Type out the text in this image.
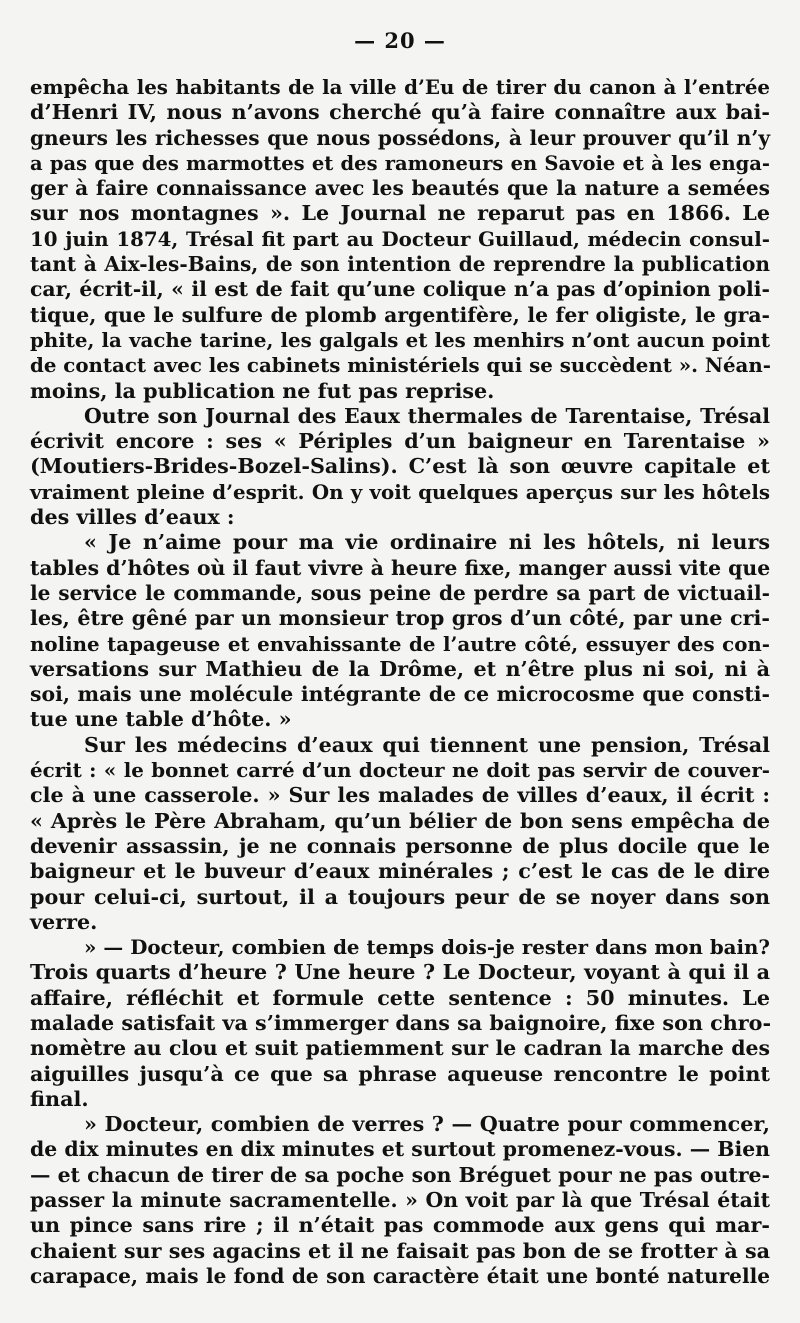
— 20 —
empêcha les habitants de la ville d’Eu de tirer du canon à l’entrée
d’Henri IV, nous n’avons cherché qu’à faire connaître aux bai-
gneurs les richesses que nous possédons, à leur prouver qu’il n’y
a pas que des marmottes et des ramoneurs en Savoie et à les enga-
ger à faire connaissance avec les beautés que la nature a semées
sur nos montagnes ». Le Journal ne reparut pas en 1866. Le
10 juin 1874, Trésal fit part au Docteur Guillaud, médecin consul-
tant à Aix-les-Bains, de son intention de reprendre la publication
car, écrit-il, « il est de fait qu’une colique n’a pas d’opinion poli-
tique, que le sulfure de plomb argentifère, le fer oligiste, le gra-
phite, la vache tarine, les galgals et les menhirs n’ont aucun point
de contact avec les cabinets ministériels qui se succèdent ». Néan-
moins, la publication ne fut pas reprise.
Outre son Journal des Eaux thermales de Tarentaise, Trésal
écrivit encore : ses « Périples d’un baigneur en Tarentaise »
(Moutiers-Brides-Bozel-Salins). C’est là son œuvre capitale et
vraiment pleine d’esprit. On y voit quelques aperçus sur les hôtels
des villes d’eaux :
« Je n’aime pour ma vie ordinaire ni les hôtels, ni leurs
tables d’hôtes où il faut vivre à heure fixe, manger aussi vite que
le service le commande, sous peine de perdre sa part de victuail-
les, être gêné par un monsieur trop gros d’un côté, par une cri-
noline tapageuse et envahissante de l’autre côté, essuyer des con-
versations sur Mathieu de la Drôme, et n’être plus ni soi, ni à
soi, mais une molécule intégrante de ce microcosme que consti-
tue une table d’hôte. »
Sur les médecins d’eaux qui tiennent une pension, Trésal
écrit : « le bonnet carré d’un docteur ne doit pas servir de couver-
cle à une casserole. » Sur les malades de villes d’eaux, il écrit :
« Après le Père Abraham, qu’un bélier de bon sens empêcha de
devenir assassin, je ne connais personne de plus docile que le
baigneur et le buveur d’eaux minérales ; c’est le cas de le dire
pour celui-ci, surtout, il a toujours peur de se noyer dans son
verre.
» — Docteur, combien de temps dois-je rester dans mon bain?
Trois quarts d’heure ? Une heure ? Le Docteur, voyant à qui il a
affaire, réfléchit et formule cette sentence : 50 minutes. Le
malade satisfait va s’immerger dans sa baignoire, fixe son chro-
nomètre au clou et suit patiemment sur le cadran la marche des
aiguilles jusqu’à ce que sa phrase aqueuse rencontre le point
final.
» Docteur, combien de verres ? — Quatre pour commencer,
de dix minutes en dix minutes et surtout promenez-vous. — Bien
— et chacun de tirer de sa poche son Bréguet pour ne pas outre-
passer la minute sacramentelle. » On voit par là que Trésal était
un pince sans rire ; il n’était pas commode aux gens qui mar-
chaient sur ses agacins et il ne faisait pas bon de se frotter à sa
carapace, mais le fond de son caractère était une bonté naturelle
